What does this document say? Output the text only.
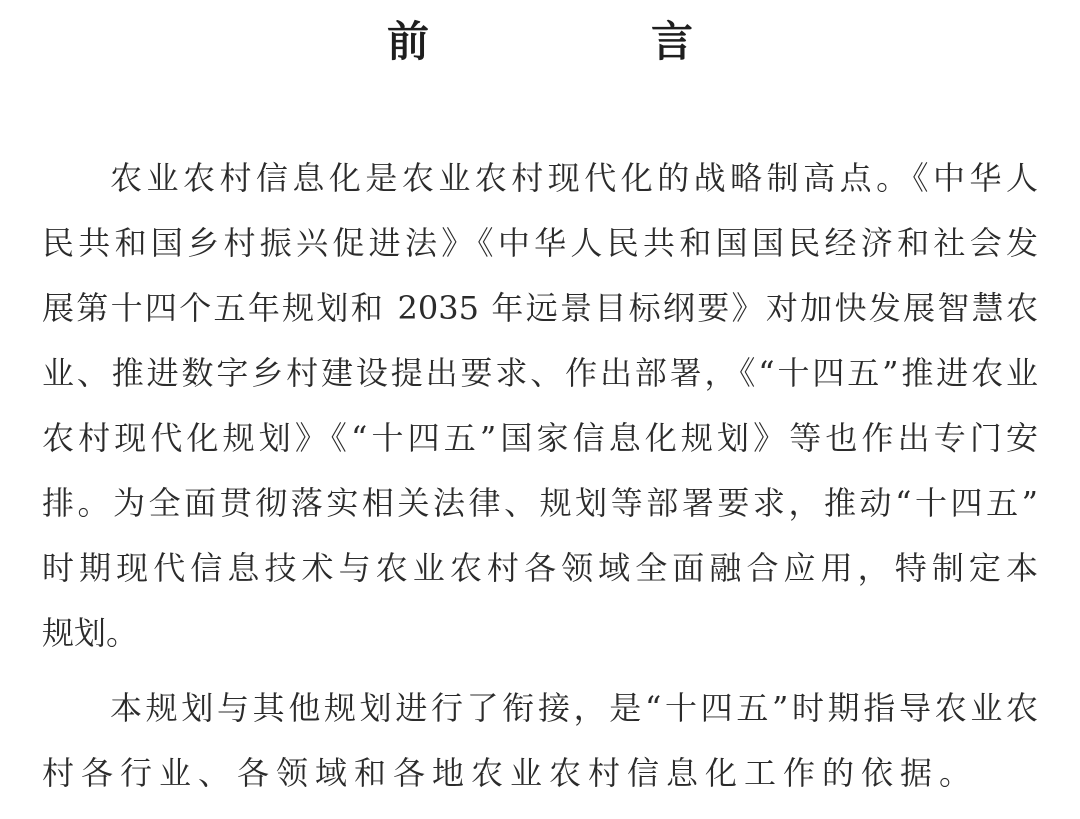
前　言
农业农村信息化是农业农村现代化的战略制高点。《中华人
民共和国乡村振兴促进法》《中华人民共和国国民经济和社会发
展第十四个五年规划和 2035 年远景目标纲要》对加快发展智慧农
业、推进数字乡村建设提出要求、作出部署，《“十四五”推进农业
农村现代化规划》《“十四五”国家信息化规划》等也作出专门安
排。为全面贯彻落实相关法律、规划等部署要求，推动“十四五”
时期现代信息技术与农业农村各领域全面融合应用，特制定本
规划。
本规划与其他规划进行了衔接，是“十四五”时期指导农业农
村各行业、各领域和各地农业农村信息化工作的依据。
